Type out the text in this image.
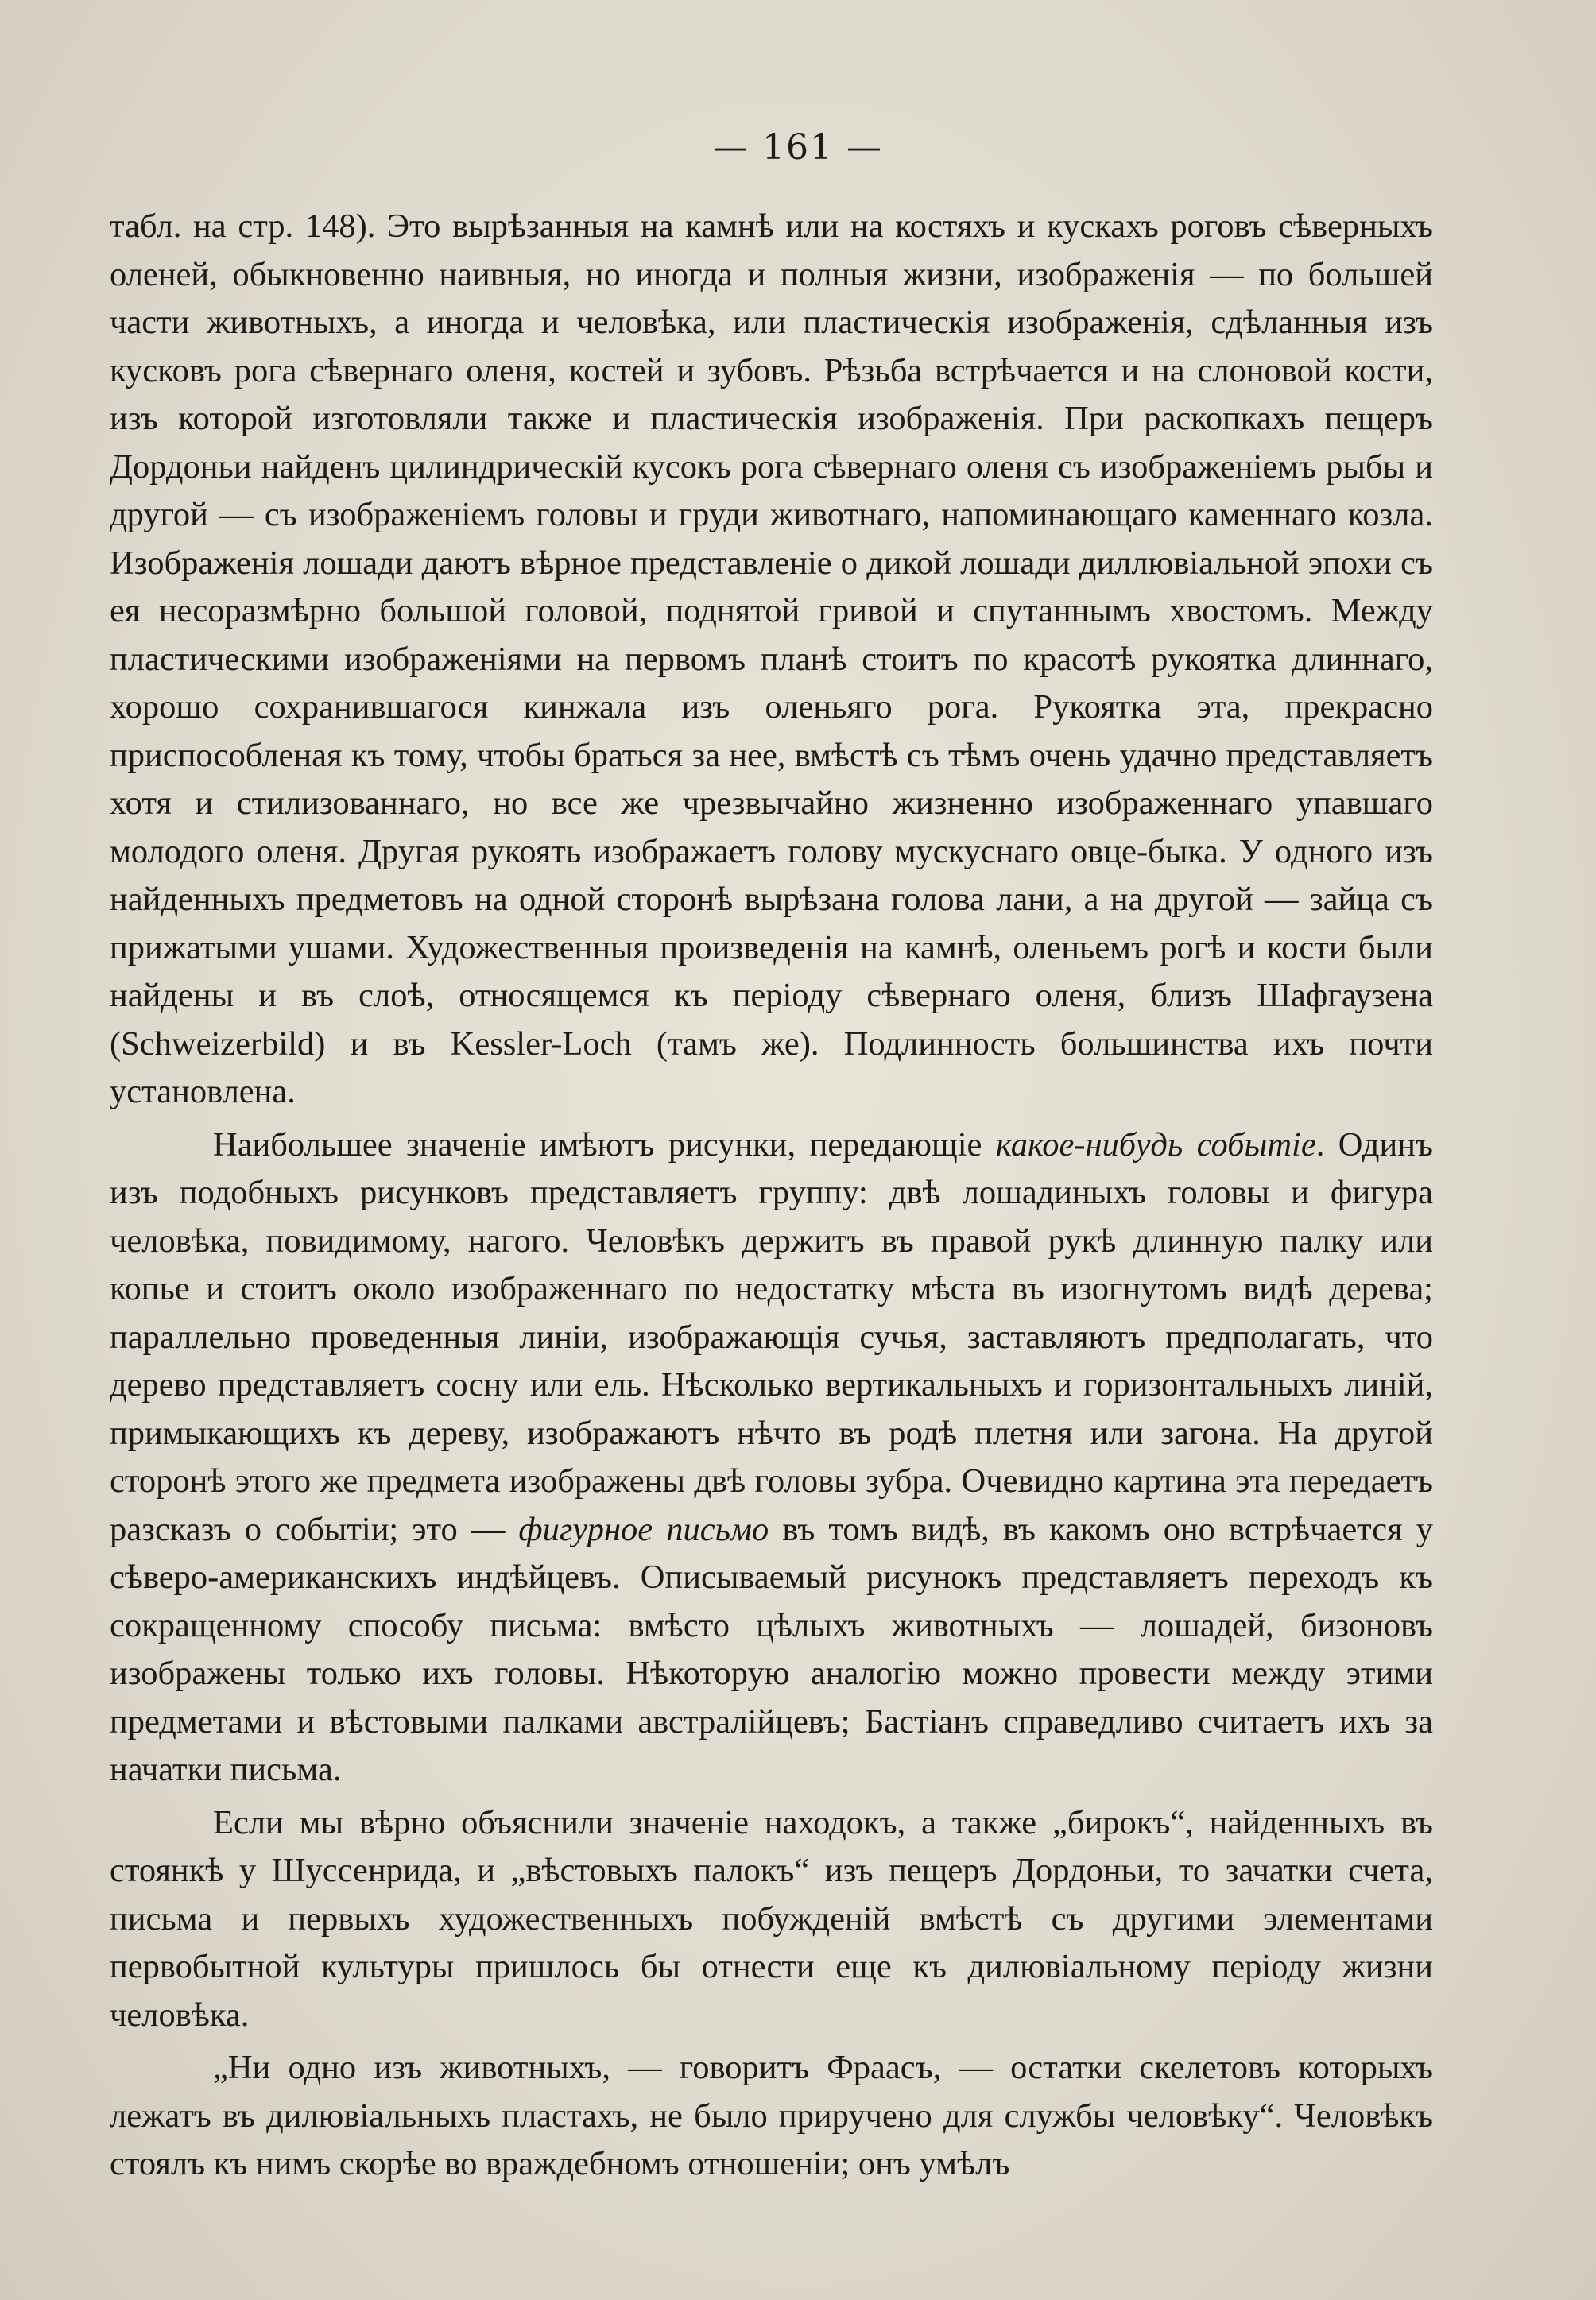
— 161 —

табл. на стр. 148). Это вырѣзанныя на камнѣ или на костяхъ и кускахъ роговъ сѣверныхъ оленей, обыкновенно наивныя, но иногда и полныя жизни, изображенія — по большей части животныхъ, а иногда и человѣка, или пластическія изображенія, сдѣланныя изъ кусковъ рога сѣвернаго оленя, костей и зубовъ. Рѣзьба встрѣчается и на слоновой кости, изъ которой изготовляли также и пластическія изображенія. При раскопкахъ пещеръ Дордоньи найденъ цилиндрическій кусокъ рога сѣвернаго оленя съ изображеніемъ рыбы и другой — съ изображеніемъ головы и груди животнаго, напоминающаго каменнаго козла. Изображенія лошади даютъ вѣрное представленіе о дикой лошади диллювіальной эпохи съ ея несоразмѣрно большой головой, поднятой гривой и спутаннымъ хвостомъ. Между пластическими изображеніями на первомъ планѣ стоитъ по красотѣ рукоятка длиннаго, хорошо сохранившагося кинжала изъ оленьяго рога. Рукоятка эта, прекрасно приспособленая къ тому, чтобы браться за нее, вмѣстѣ съ тѣмъ очень удачно представляетъ хотя и стилизованнаго, но все же чрезвычайно жизненно изображеннаго упавшаго молодого оленя. Другая рукоять изображаетъ голову мускуснаго овце-быка. У одного изъ найденныхъ предметовъ на одной сторонѣ вырѣзана голова лани, а на другой — зайца съ прижатыми ушами. Художественныя произведенія на камнѣ, оленьемъ рогѣ и кости были найдены и въ слоѣ, относящемся къ періоду сѣвернаго оленя, близъ Шафгаузена (Schweizerbild) и въ Kessler-Loch (тамъ же). Подлинность большинства ихъ почти установлена.

Наибольшее значеніе имѣютъ рисунки, передающіе какое-нибудь событіе. Одинъ изъ подобныхъ рисунковъ представляетъ группу: двѣ лошадиныхъ головы и фигура человѣка, повидимому, нагого. Человѣкъ держитъ въ правой рукѣ длинную палку или копье и стоитъ около изображеннаго по недостатку мѣста въ изогнутомъ видѣ дерева; параллельно проведенныя линіи, изображающія сучья, заставляютъ предполагать, что дерево представляетъ сосну или ель. Нѣсколько вертикальныхъ и горизонтальныхъ линій, примыкающихъ къ дереву, изображаютъ нѣчто въ родѣ плетня или загона. На другой сторонѣ этого же предмета изображены двѣ головы зубра. Очевидно картина эта передаетъ разсказъ о событіи; это — фигурное письмо въ томъ видѣ, въ какомъ оно встрѣчается у сѣверо-американскихъ индѣйцевъ. Описываемый рисунокъ представляетъ переходъ къ сокращенному способу письма: вмѣсто цѣлыхъ животныхъ — лошадей, бизоновъ изображены только ихъ головы. Нѣкоторую аналогію можно провести между этими предметами и вѣстовыми палками австралійцевъ; Бастіанъ справедливо считаетъ ихъ за начатки письма.

Если мы вѣрно объяснили значеніе находокъ, а также „бирокъ“, найденныхъ въ стоянкѣ у Шуссенрида, и „вѣстовыхъ палокъ“ изъ пещеръ Дордоньи, то зачатки счета, письма и первыхъ художественныхъ побужденій вмѣстѣ съ другими элементами первобытной культуры пришлось бы отнести еще къ дилювіальному періоду жизни человѣка.

„Ни одно изъ животныхъ, — говоритъ Фраасъ, — остатки скелетовъ которыхъ лежатъ въ дилювіальныхъ пластахъ, не было приручено для службы человѣку“. Человѣкъ стоялъ къ нимъ скорѣе во враждебномъ отношеніи; онъ умѣлъ
